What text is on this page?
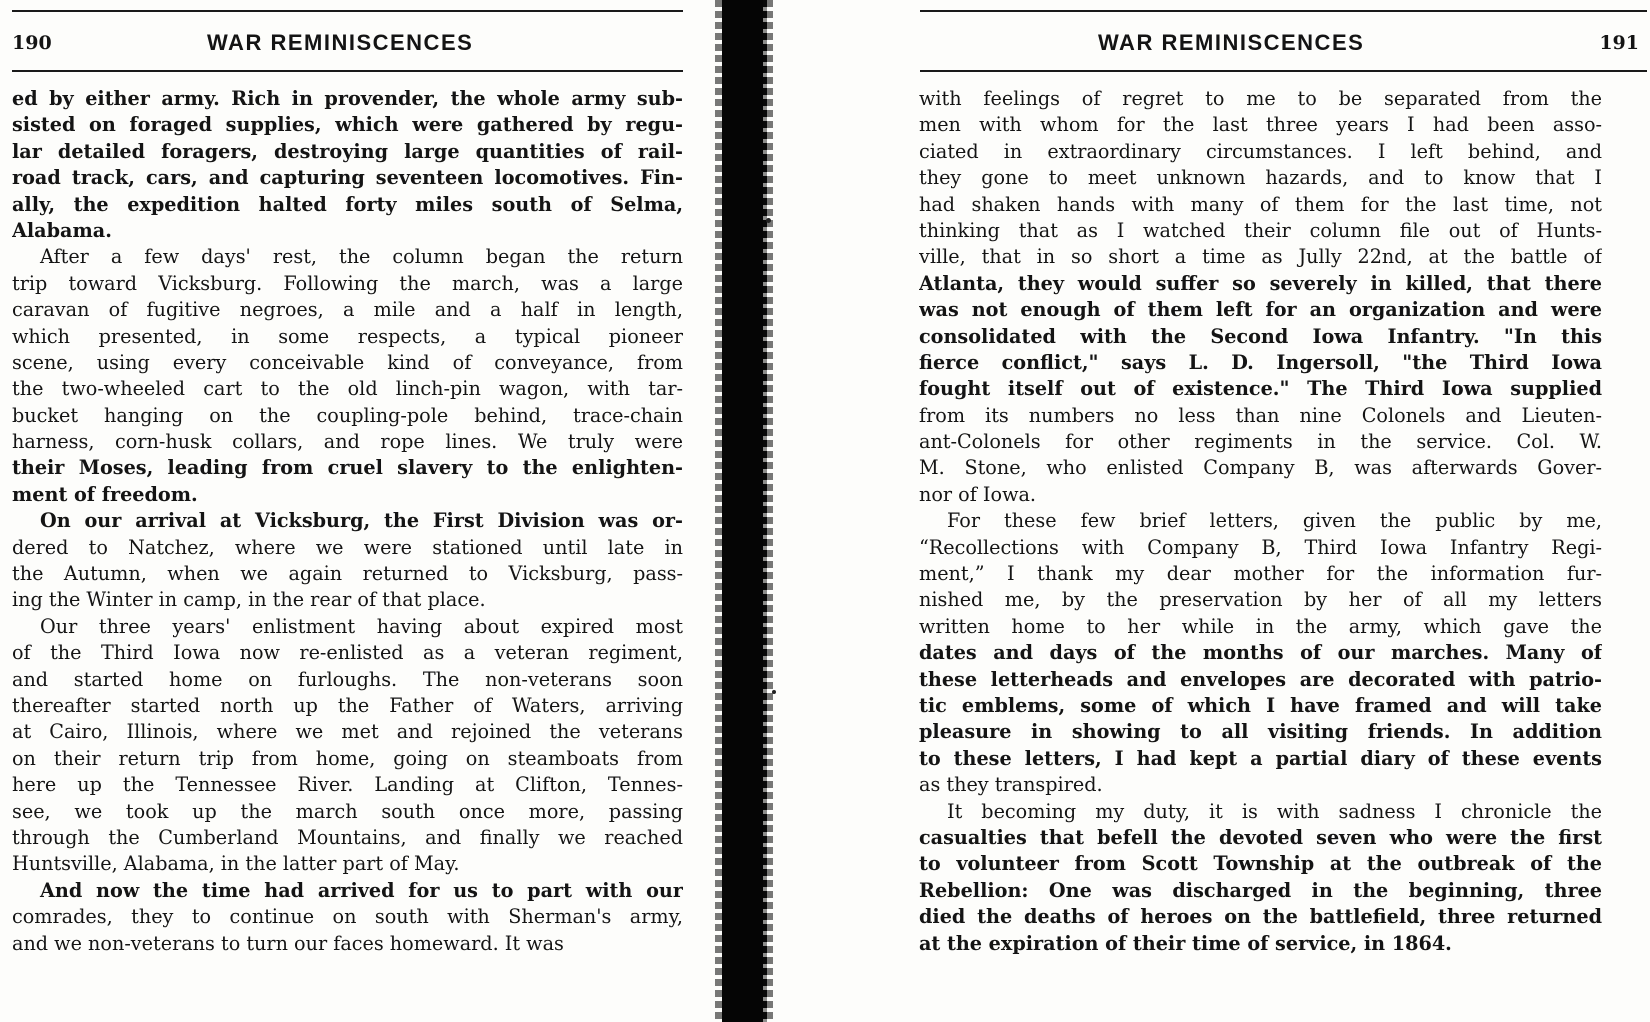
190	WAR REMINISCENCES
ed by either army. Rich in provender, the whole army sub-
sisted on foraged supplies, which were gathered by regu-
lar detailed foragers, destroying large quantities of rail-
road track, cars, and capturing seventeen locomotives. Fin-
ally, the expedition halted forty miles south of Selma,
Alabama.
After a few days' rest, the column began the return
trip toward Vicksburg. Following the march, was a large
caravan of fugitive negroes, a mile and a half in length,
which presented, in some respects, a typical pioneer
scene, using every conceivable kind of conveyance, from
the two-wheeled cart to the old linch-pin wagon, with tar-
bucket hanging on the coupling-pole behind, trace-chain
harness, corn-husk collars, and rope lines. We truly were
their Moses, leading from cruel slavery to the enlighten-
ment of freedom.
On our arrival at Vicksburg, the First Division was or-
dered to Natchez, where we were stationed until late in
the Autumn, when we again returned to Vicksburg, pass-
ing the Winter in camp, in the rear of that place.
Our three years' enlistment having about expired most
of the Third Iowa now re-enlisted as a veteran regiment,
and started home on furloughs. The non-veterans soon
thereafter started north up the Father of Waters, arriving
at Cairo, Illinois, where we met and rejoined the veterans
on their return trip from home, going on steamboats from
here up the Tennessee River. Landing at Clifton, Tennes-
see, we took up the march south once more, passing
through the Cumberland Mountains, and finally we reached
Huntsville, Alabama, in the latter part of May.
And now the time had arrived for us to part with our
comrades, they to continue on south with Sherman's army,
and we non-veterans to turn our faces homeward. It was
WAR REMINISCENCES	191
with feelings of regret to me to be separated from the
men with whom for the last three years I had been asso-
ciated in extraordinary circumstances. I left behind, and
they gone to meet unknown hazards, and to know that I
had shaken hands with many of them for the last time, not
thinking that as I watched their column file out of Hunts-
ville, that in so short a time as Jully 22nd, at the battle of
Atlanta, they would suffer so severely in killed, that there
was not enough of them left for an organization and were
consolidated with the Second Iowa Infantry. "In this
fierce conflict," says L. D. Ingersoll, "the Third Iowa
fought itself out of existence." The Third Iowa supplied
from its numbers no less than nine Colonels and Lieuten-
ant-Colonels for other regiments in the service. Col. W.
M. Stone, who enlisted Company B, was afterwards Gover-
nor of Iowa.
For these few brief letters, given the public by me,
“Recollections with Company B, Third Iowa Infantry Regi-
ment,” I thank my dear mother for the information fur-
nished me, by the preservation by her of all my letters
written home to her while in the army, which gave the
dates and days of the months of our marches. Many of
these letterheads and envelopes are decorated with patrio-
tic emblems, some of which I have framed and will take
pleasure in showing to all visiting friends. In addition
to these letters, I had kept a partial diary of these events
as they transpired.
It becoming my duty, it is with sadness I chronicle the
casualties that befell the devoted seven who were the first
to volunteer from Scott Township at the outbreak of the
Rebellion: One was discharged in the beginning, three
died the deaths of heroes on the battlefield, three returned
at the expiration of their time of service, in 1864.
